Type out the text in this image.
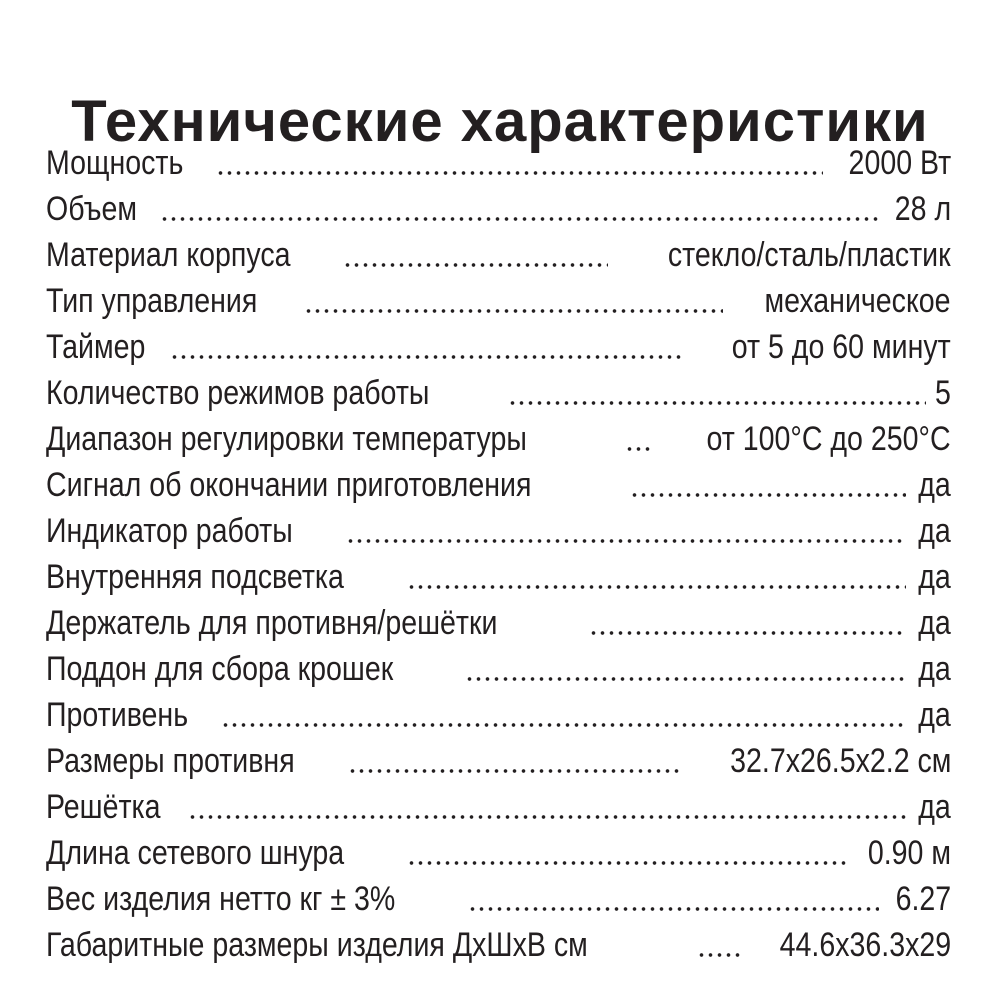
Технические характеристики
Мощность	2000 Вт
Объем	28 л
Материал корпуса	стекло/сталь/пластик
Тип управления	механическое
Таймер	от 5 до 60 минут
Количество режимов работы	5
Диапазон регулировки температуры	от 100°С до 250°С
Сигнал об окончании приготовления	да
Индикатор работы	да
Внутренняя подсветка	да
Держатель для противня/решётки	да
Поддон для сбора крошек	да
Противень	да
Размеры противня	32.7х26.5х2.2 см
Решётка	да
Длина сетевого шнура	0.90 м
Вес изделия нетто кг ± 3%	6.27
Габаритные размеры изделия ДхШхВ см	44.6х36.3х29
